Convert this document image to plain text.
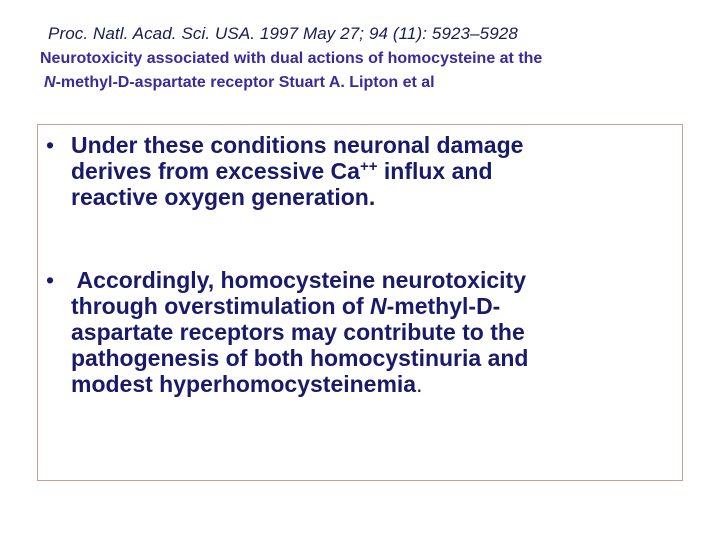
Proc. Natl. Acad. Sci. USA. 1997 May 27; 94 (11): 5923–5928

Neurotoxicity associated with dual actions of homocysteine at the

N-methyl-D-aspartate receptor Stuart A. Lipton et al

• Under these conditions neuronal damage
derives from excessive Ca++ influx and
reactive oxygen generation.
• Accordingly, homocysteine neurotoxicity
through overstimulation of N-methyl-D-
aspartate receptors may contribute to the
pathogenesis of both homocystinuria and
modest hyperhomocysteinemia.
